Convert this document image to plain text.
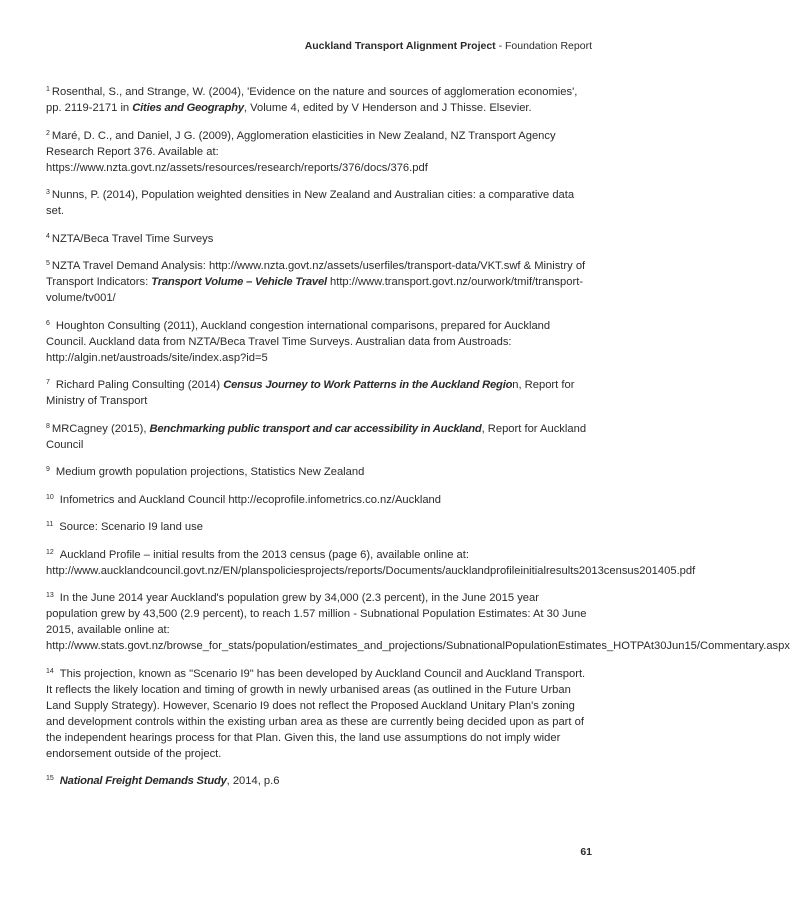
Auckland Transport Alignment Project - Foundation Report

$^1$ Rosenthal, S., and Strange, W. (2004), 'Evidence on the nature and sources of agglomeration economies', pp. 2119-2171 in Cities and Geography, Volume 4, edited by V Henderson and J Thisse. Elsevier.

$^2$ Maré, D. C., and Daniel, J G. (2009), Agglomeration elasticities in New Zealand, NZ Transport Agency Research Report 376. Available at: https://www.nzta.govt.nz/assets/resources/research/reports/376/docs/376.pdf

$^3$ Nunns, P. (2014), Population weighted densities in New Zealand and Australian cities: a comparative data set.

$^4$ NZTA/Beca Travel Time Surveys

$^5$ NZTA Travel Demand Analysis: http://www.nzta.govt.nz/assets/userfiles/transport-data/VKT.swf & Ministry of Transport Indicators: Transport Volume – Vehicle Travel http://www.transport.govt.nz/ourwork/tmif/transport-volume/tv001/

$^6$ Houghton Consulting (2011), Auckland congestion international comparisons, prepared for Auckland Council. Auckland data from NZTA/Beca Travel Time Surveys. Australian data from Austroads: http://algin.net/austroads/site/index.asp?id=5

$^7$ Richard Paling Consulting (2014) Census Journey to Work Patterns in the Auckland Region, Report for Ministry of Transport

$^8$ MRCagney (2015), Benchmarking public transport and car accessibility in Auckland, Report for Auckland Council

$^9$ Medium growth population projections, Statistics New Zealand

$^{10}$ Infometrics and Auckland Council http://ecoprofile.infometrics.co.nz/Auckland

$^{11}$ Source: Scenario I9 land use

$^{12}$ Auckland Profile – initial results from the 2013 census (page 6), available online at: http://www.aucklandcouncil.govt.nz/EN/planspoliciesprojects/reports/Documents/aucklandprofileinitialresults2013census201405.pdf

$^{13}$ In the June 2014 year Auckland's population grew by 34,000 (2.3 percent), in the June 2015 year population grew by 43,500 (2.9 percent), to reach 1.57 million - Subnational Population Estimates: At 30 June 2015, available online at: http://www.stats.govt.nz/browse_for_stats/population/estimates_and_projections/SubnationalPopulationEstimates_HOTPAt30Jun15/Commentary.aspx

$^{14}$ This projection, known as "Scenario I9" has been developed by Auckland Council and Auckland Transport. It reflects the likely location and timing of growth in newly urbanised areas (as outlined in the Future Urban Land Supply Strategy). However, Scenario I9 does not reflect the Proposed Auckland Unitary Plan's zoning and development controls within the existing urban area as these are currently being decided upon as part of the independent hearings process for that Plan. Given this, the land use assumptions do not imply wider endorsement outside of the project.

$^{15}$ National Freight Demands Study, 2014, p.6

61
